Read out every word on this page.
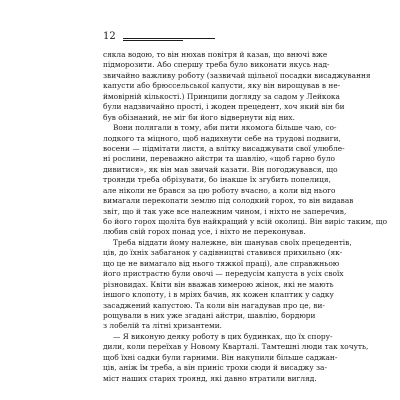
12
сякла водою, то він нюхав повітря й казав, що внючі вже
підморозити. Або спершу треба було виконати якусь над-
звичайно важливу роботу (зазвичай щільної посадки висаджування
капусти або брюссельської капусти, яку він вирощував в не-
ймовірній кількості.) Принципи догляду за садом у Лейкока
були надзвичайно прості, і жоден прецедент, хоч який він би
був обізнаний, не міг би його відвернути від них.
Вони полягали в тому, аби пити якомога більше чаю, со-
лодкого та міцного, щоб надихнути себе на трудові подвиги,
восени — підмітати листя, а влітку висаджувати свої улюбле-
ні рослини, переважно айстри та шавлію, «щоб гарно було
дивитися», як він мав звичай казати. Він погоджувався, що
троянди треба обрізувати, бо інакше їх згубить попелиця,
але ніколи не брався за цю роботу вчасно, а коли від нього
вимагали перекопати землю під солодкий горох, то він видавав
звіт, що й так уже все належним чином, і ніхто не заперечив,
бо його горох щоліта був найкращий у всій околиці. Він виріс таким, що
любив свій горох понад усе, і ніхто не переконував.
Треба віддати йому належне, він шанував своїх прецедентів,
ців, до їхніх забаганок у садівництві ставився прихильно (як-
що це не вимагало від нього тяжкої праці), але справжньою
його пристрастю були овочі — передусім капуста в усіх своїх
різновидах. Квіти він вважав химерою жінок, які не мають
іншого клопоту, і в мріях бачив, як кожен клаптик у садку
засаджений капустою. Та коли він нагадував про це, ви-
рощували в них уже згадані айстри, шавлію, бордюри
з лобелій та літні хризантеми.
— Я виконую деяку роботу в цих будинках, що їх спору-
дили, коли переїхав у Новому Кварталі. Тамтешні люди так хочуть,
щоб їхні садки були гарними. Він накупили більше саджан-
ців, аніж їм треба, а він приніс трохи сюди й висаджу за-
міст наших старих троянд, які давно втратили вигляд.
